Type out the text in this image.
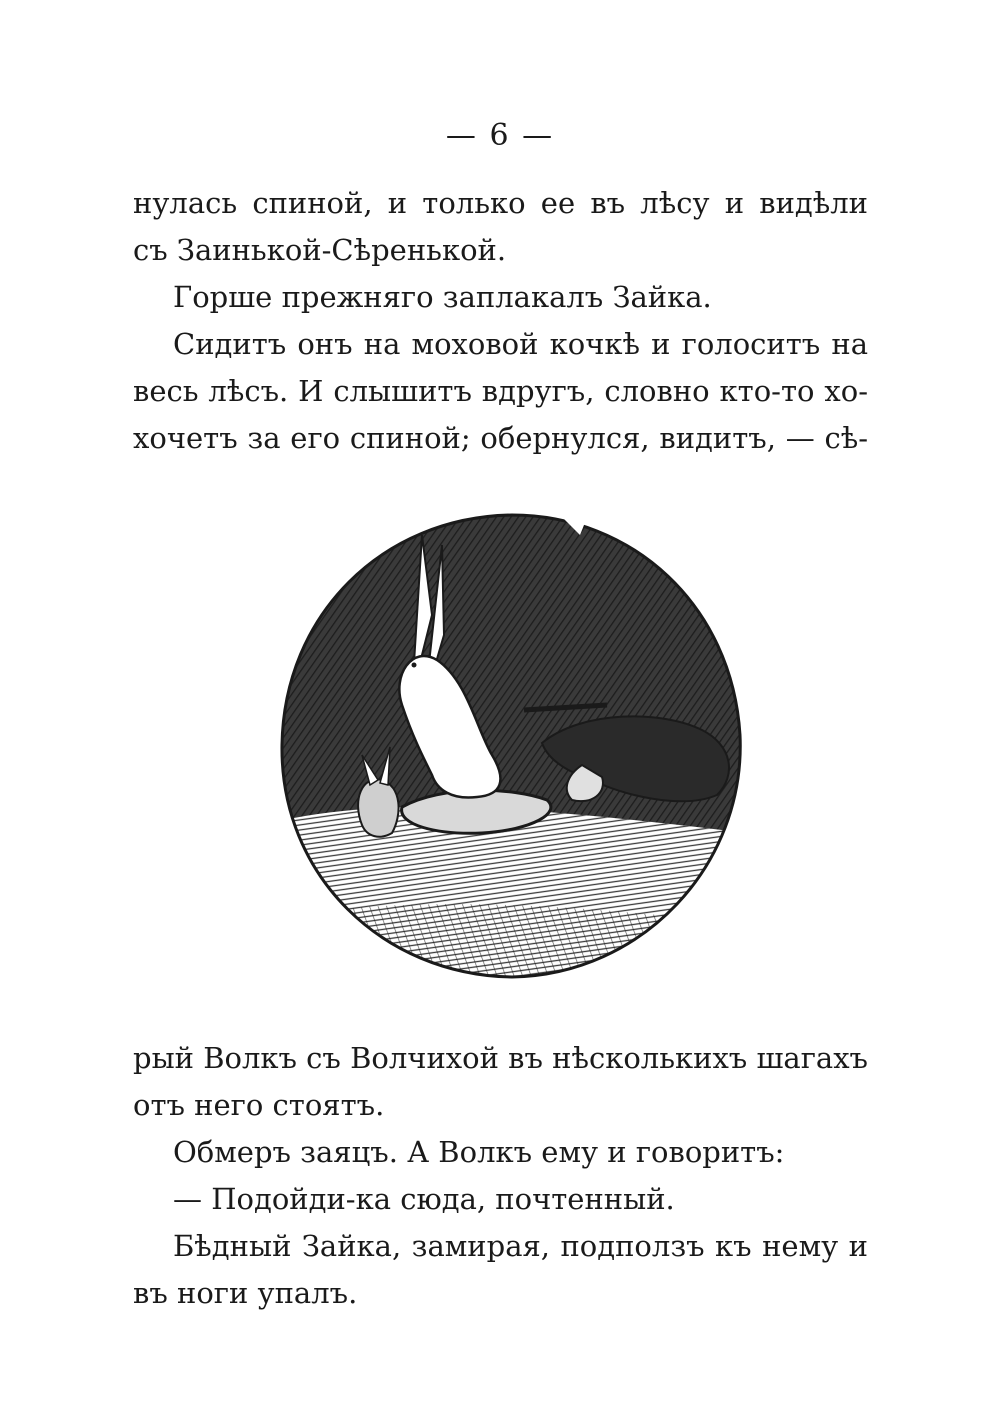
— 6 —

нулась спиной, и только ее въ лѣсу и видѣли

съ Заинькой-Сѣренькой.

Горше прежняго заплакалъ Зайка.

Сидитъ онъ на моховой кочкѣ и голоситъ на

весь лѣсъ. И слышитъ вдругъ, словно кто-то хо-

хочетъ за его спиной; обернулся, видитъ, — сѣ-

рый Волкъ съ Волчихой въ нѣсколькихъ шагахъ

отъ него стоятъ.

Обмеръ заяцъ. А Волкъ ему и говоритъ:

— Подойди-ка сюда, почтенный.

Бѣдный Зайка, замирая, подползъ къ нему и

въ ноги упалъ.
